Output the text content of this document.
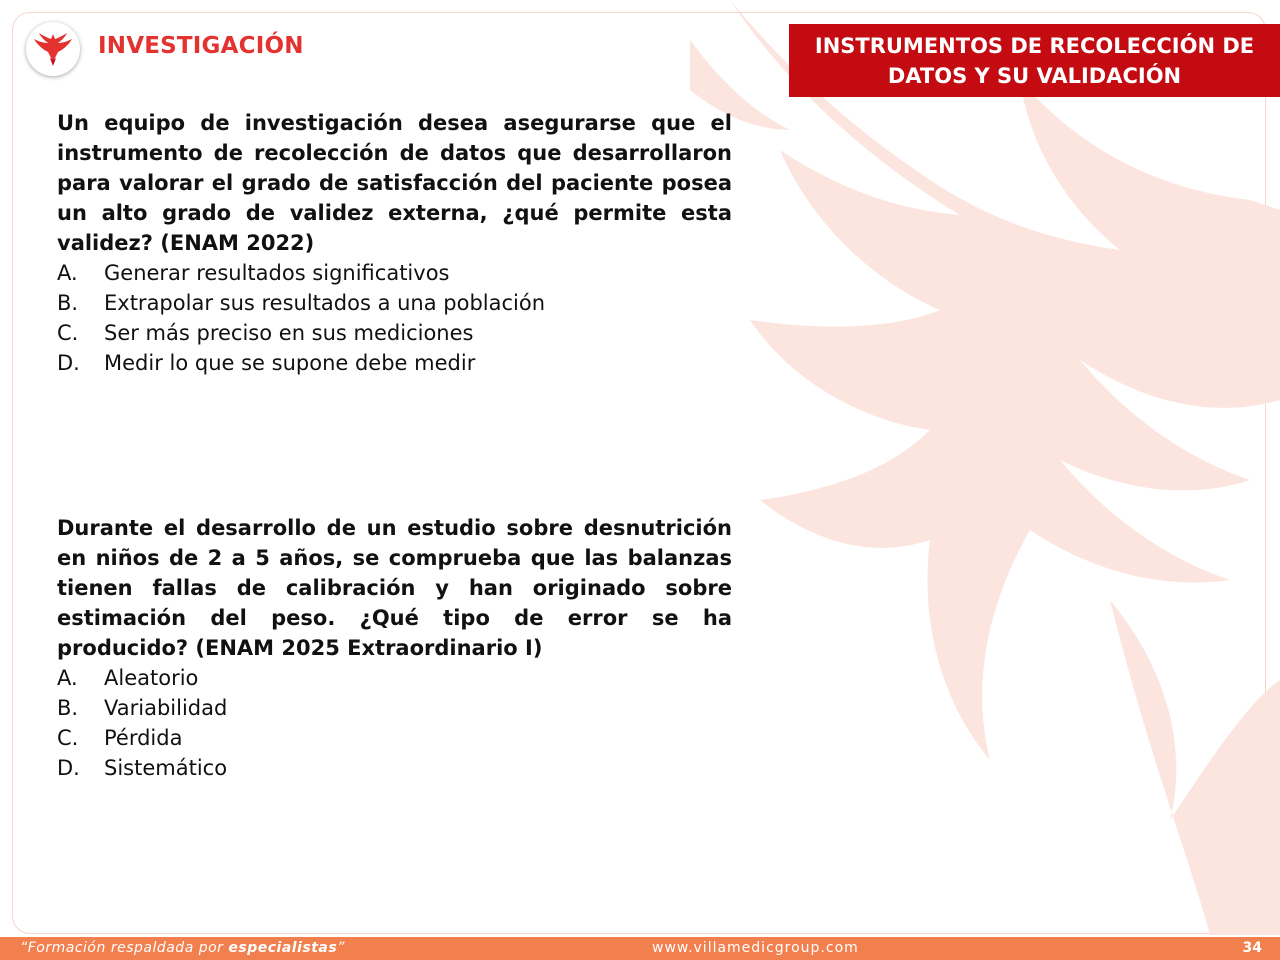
INVESTIGACIÓN	INSTRUMENTOS DE RECOLECCIÓN DE
DATOS Y SU VALIDACIÓN

Un equipo de investigación desea asegurarse que el instrumento de recolección de datos que desarrollaron para valorar el grado de satisfacción del paciente posea un alto grado de validez externa, ¿qué permite esta validez? (ENAM 2022)

A.	Generar resultados significativos
B.	Extrapolar sus resultados a una población
C.	Ser más preciso en sus mediciones
D.	Medir lo que se supone debe medir

Durante el desarrollo de un estudio sobre desnutrición en niños de 2 a 5 años, se comprueba que las balanzas tienen fallas de calibración y han originado sobre estimación del peso. ¿Qué tipo de error se ha producido? (ENAM 2025 Extraordinario I)

A.	Aleatorio
B.	Variabilidad
C.	Pérdida
D.	Sistemático
“Formación respaldada por especialistas”	www.villamedicgroup.com	34
